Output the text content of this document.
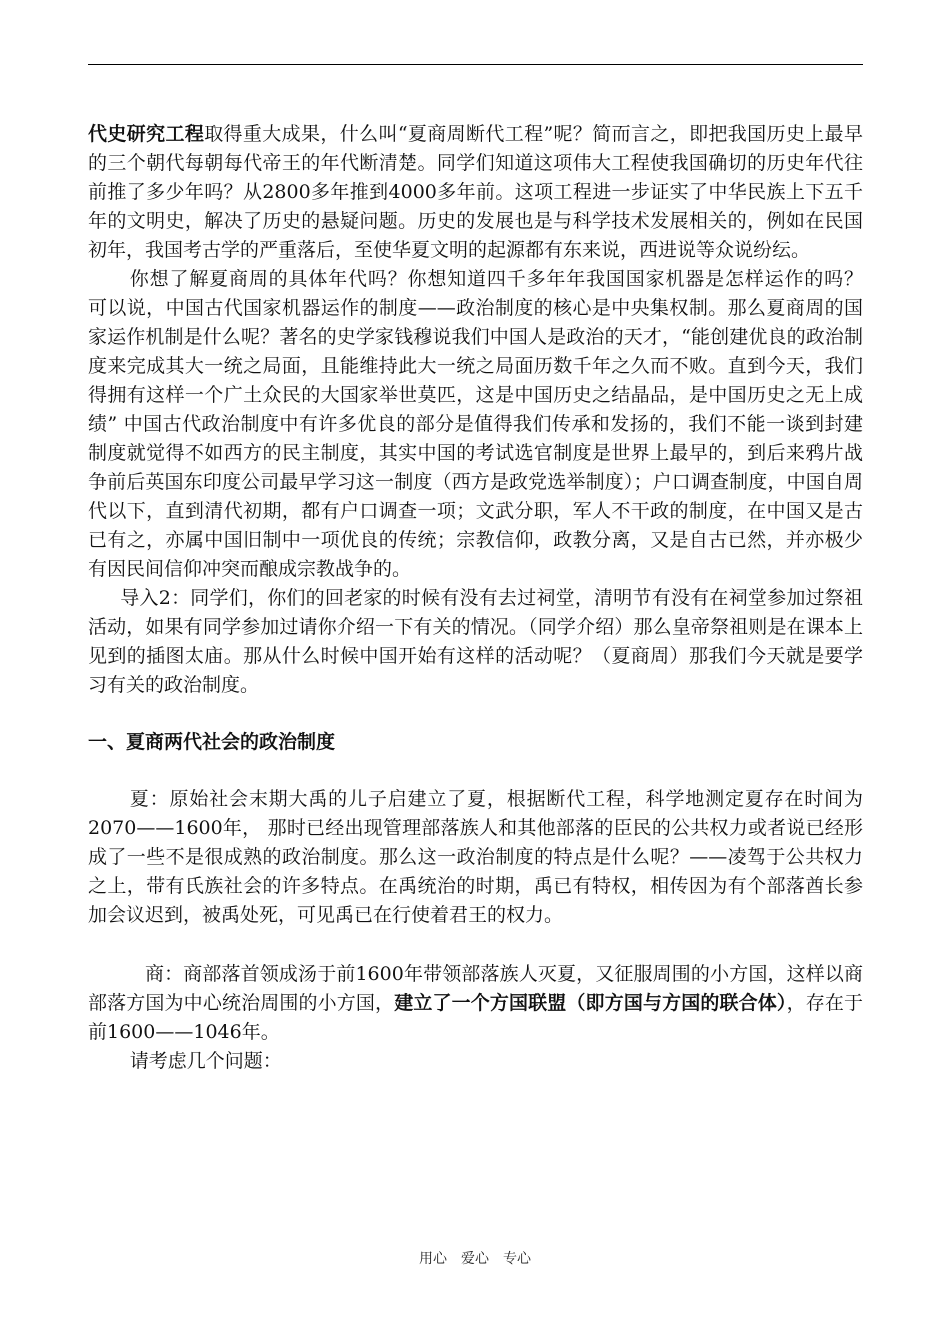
代史研究工程取得重大成果，什么叫“夏商周断代工程”呢？简而言之，即把我国历史上最早的三个朝代每朝每代帝王的年代断清楚。同学们知道这项伟大工程使我国确切的历史年代往前推了多少年吗？从2800多年推到4000多年前。这项工程进一步证实了中华民族上下五千年的文明史，解决了历史的悬疑问题。历史的发展也是与科学技术发展相关的，例如在民国初年，我国考古学的严重落后，至使华夏文明的起源都有东来说，西进说等众说纷纭。

你想了解夏商周的具体年代吗？你想知道四千多年年我国国家机器是怎样运作的吗？　　可以说，中国古代国家机器运作的制度——政治制度的核心是中央集权制。那么夏商周的国家运作机制是什么呢？著名的史学家钱穆说我们中国人是政治的天才，“能创建优良的政治制度来完成其大一统之局面，且能维持此大一统之局面历数千年之久而不败。直到今天，我们得拥有这样一个广土众民的大国家举世莫匹，这是中国历史之结晶品，是中国历史之无上成绩” 中国古代政治制度中有许多优良的部分是值得我们传承和发扬的，我们不能一谈到封建制度就觉得不如西方的民主制度，其实中国的考试选官制度是世界上最早的，到后来鸦片战争前后英国东印度公司最早学习这一制度（西方是政党选举制度）；户口调查制度，中国自周代以下，直到清代初期，都有户口调查一项；文武分职，军人不干政的制度，在中国又是古已有之，亦属中国旧制中一项优良的传统；宗教信仰，政教分离，又是自古已然，并亦极少有因民间信仰冲突而酿成宗教战争的。

导入2：同学们，你们的回老家的时候有没有去过祠堂，清明节有没有在祠堂参加过祭祖活动，如果有同学参加过请你介绍一下有关的情况。（同学介绍）那么皇帝祭祖则是在课本上见到的插图太庙。那从什么时候中国开始有这样的活动呢？（夏商周）那我们今天就是要学习有关的政治制度。

一、夏商两代社会的政治制度

夏：原始社会末期大禹的儿子启建立了夏，根据断代工程，科学地测定夏存在时间为2070——1600年， 那时已经出现管理部落族人和其他部落的臣民的公共权力或者说已经形成了一些不是很成熟的政治制度。那么这一政治制度的特点是什么呢？——凌驾于公共权力之上，带有氏族社会的许多特点。在禹统治的时期，禹已有特权，相传因为有个部落酋长参加会议迟到，被禹处死，可见禹已在行使着君王的权力。

商：商部落首领成汤于前1600年带领部落族人灭夏，又征服周围的小方国，这样以商部落方国为中心统治周围的小方国，建立了一个方国联盟（即方国与方国的联合体），存在于前1600——1046年。

请考虑几个问题：

用心　爱心　专心
